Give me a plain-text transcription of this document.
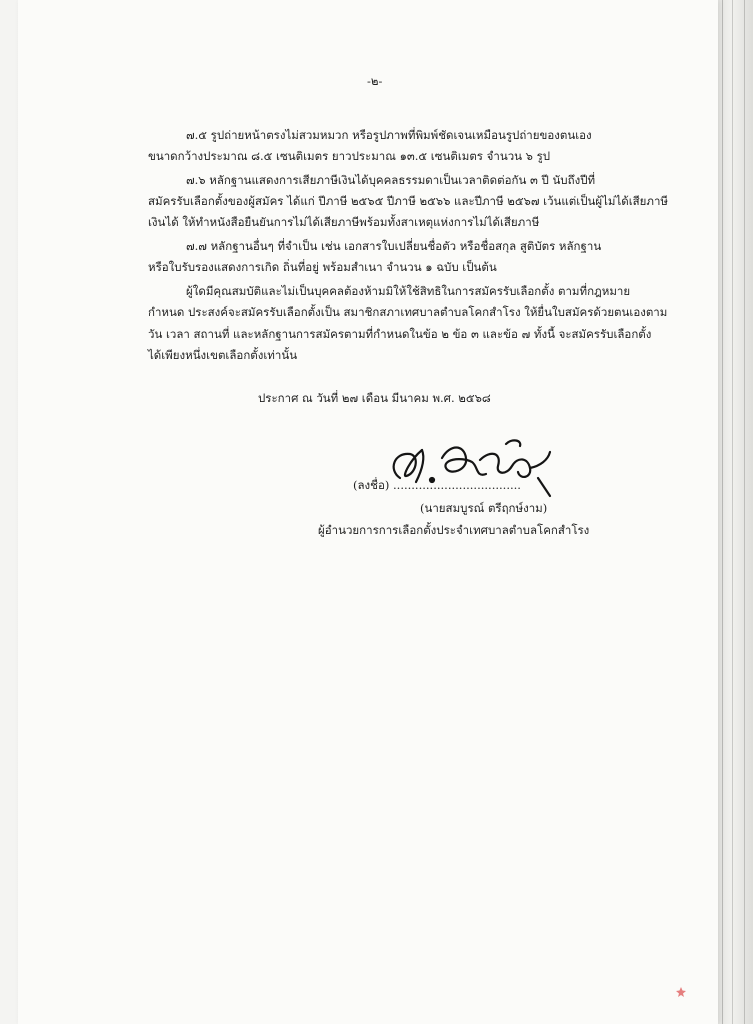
-๒-
๗.๕ รูปถ่ายหน้าตรงไม่สวมหมวก หรือรูปภาพที่พิมพ์ชัดเจนเหมือนรูปถ่ายของตนเอง
ขนาดกว้างประมาณ ๘.๕ เซนติเมตร ยาวประมาณ ๑๓.๕ เซนติเมตร จำนวน ๖ รูป
๗.๖ หลักฐานแสดงการเสียภาษีเงินได้บุคคลธรรมดาเป็นเวลาติดต่อกัน ๓ ปี นับถึงปีที่
สมัครรับเลือกตั้งของผู้สมัคร ได้แก่ ปีภาษี ๒๕๖๕ ปีภาษี ๒๕๖๖ และปีภาษี ๒๕๖๗ เว้นแต่เป็นผู้ไม่ได้เสียภาษี
เงินได้ ให้ทำหนังสือยืนยันการไม่ได้เสียภาษีพร้อมทั้งสาเหตุแห่งการไม่ได้เสียภาษี
๗.๗ หลักฐานอื่นๆ ที่จำเป็น เช่น เอกสารใบเปลี่ยนชื่อตัว หรือชื่อสกุล สูติบัตร หลักฐาน
หรือใบรับรองแสดงการเกิด ถิ่นที่อยู่ พร้อมสำเนา จำนวน ๑ ฉบับ เป็นต้น
ผู้ใดมีคุณสมบัติและไม่เป็นบุคคลต้องห้ามมิให้ใช้สิทธิในการสมัครรับเลือกตั้ง ตามที่กฎหมาย
กำหนด ประสงค์จะสมัครรับเลือกตั้งเป็น สมาชิกสภาเทศบาลตำบลโคกสำโรง ให้ยื่นใบสมัครด้วยตนเองตาม
วัน เวลา สถานที่ และหลักฐานการสมัครตามที่กำหนดในข้อ ๒ ข้อ ๓ และข้อ ๗ ทั้งนี้ จะสมัครรับเลือกตั้ง
ได้เพียงหนึ่งเขตเลือกตั้งเท่านั้น
ประกาศ ณ วันที่ ๒๗ เดือน มีนาคม พ.ศ. ๒๕๖๘
(ลงชื่อ) ...................................
(นายสมบูรณ์ ตรีฤกษ์งาม)
ผู้อำนวยการการเลือกตั้งประจำเทศบาลตำบลโคกสำโรง
